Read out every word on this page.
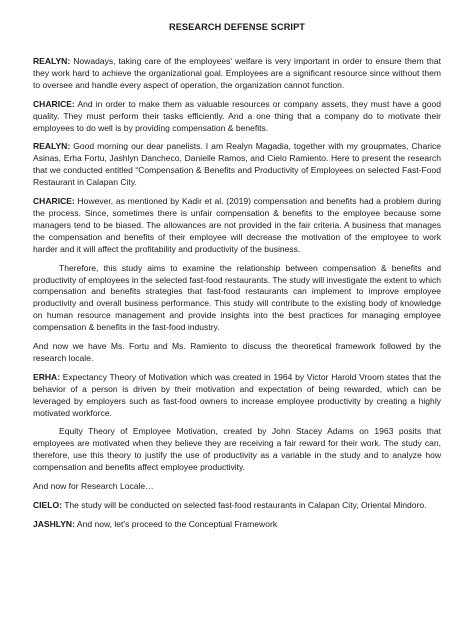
RESEARCH DEFENSE SCRIPT

REALYN: Nowadays, taking care of the employees' welfare is very important in order to ensure them that they work hard to achieve the organizational goal. Employees are a significant resource since without them to oversee and handle every aspect of operation, the organization cannot function.

CHARICE: And in order to make them as valuable resources or company assets, they must have a good quality. They must perform their tasks efficiently. And a one thing that a company do to motivate their employees to do well is by providing compensation & benefits.

REALYN: Good morning our dear panelists. I am Realyn Magadia, together with my groupmates, Charice Asinas, Erha Fortu, Jashlyn Dancheco, Danielle Ramos, and Cielo Ramiento. Here to present the research that we conducted entitled “Compensation & Benefits and Productivity of Employees on selected Fast-Food Restaurant in Calapan City.

CHARICE: However, as mentioned by Kadir et al. (2019) compensation and benefits had a problem during the process. Since, sometimes there is unfair compensation & benefits to the employee because some managers tend to be biased. The allowances are not provided in the fair criteria. A business that manages the compensation and benefits of their employee will decrease the motivation of the employee to work harder and it will affect the profitability and productivity of the business.

Therefore, this study aims to examine the relationship between compensation & benefits and productivity of employees in the selected fast-food restaurants. The study will investigate the extent to which compensation and benefits strategies that fast-food restaurants can implement to improve employee productivity and overall business performance. This study will contribute to the existing body of knowledge on human resource management and provide insights into the best practices for managing employee compensation & benefits in the fast-food industry.

And now we have Ms. Fortu and Ms. Ramiento to discuss the theoretical framework followed by the research locale.

ERHA: Expectancy Theory of Motivation which was created in 1964 by Victor Harold Vroom states that the behavior of a person is driven by their motivation and expectation of being rewarded, which can be leveraged by employers such as fast-food owners to increase employee productivity by creating a highly motivated workforce.

Equity Theory of Employee Motivation, created by John Stacey Adams on 1963 posits that employees are motivated when they believe they are receiving a fair reward for their work. The study can, therefore, use this theory to justify the use of productivity as a variable in the study and to analyze how compensation and benefits affect employee productivity.

And now for Research Locale…

CIELO: The study will be conducted on selected fast-food restaurants in Calapan City, Oriental Mindoro.

JASHLYN: And now, let's proceed to the Conceptual Framework
